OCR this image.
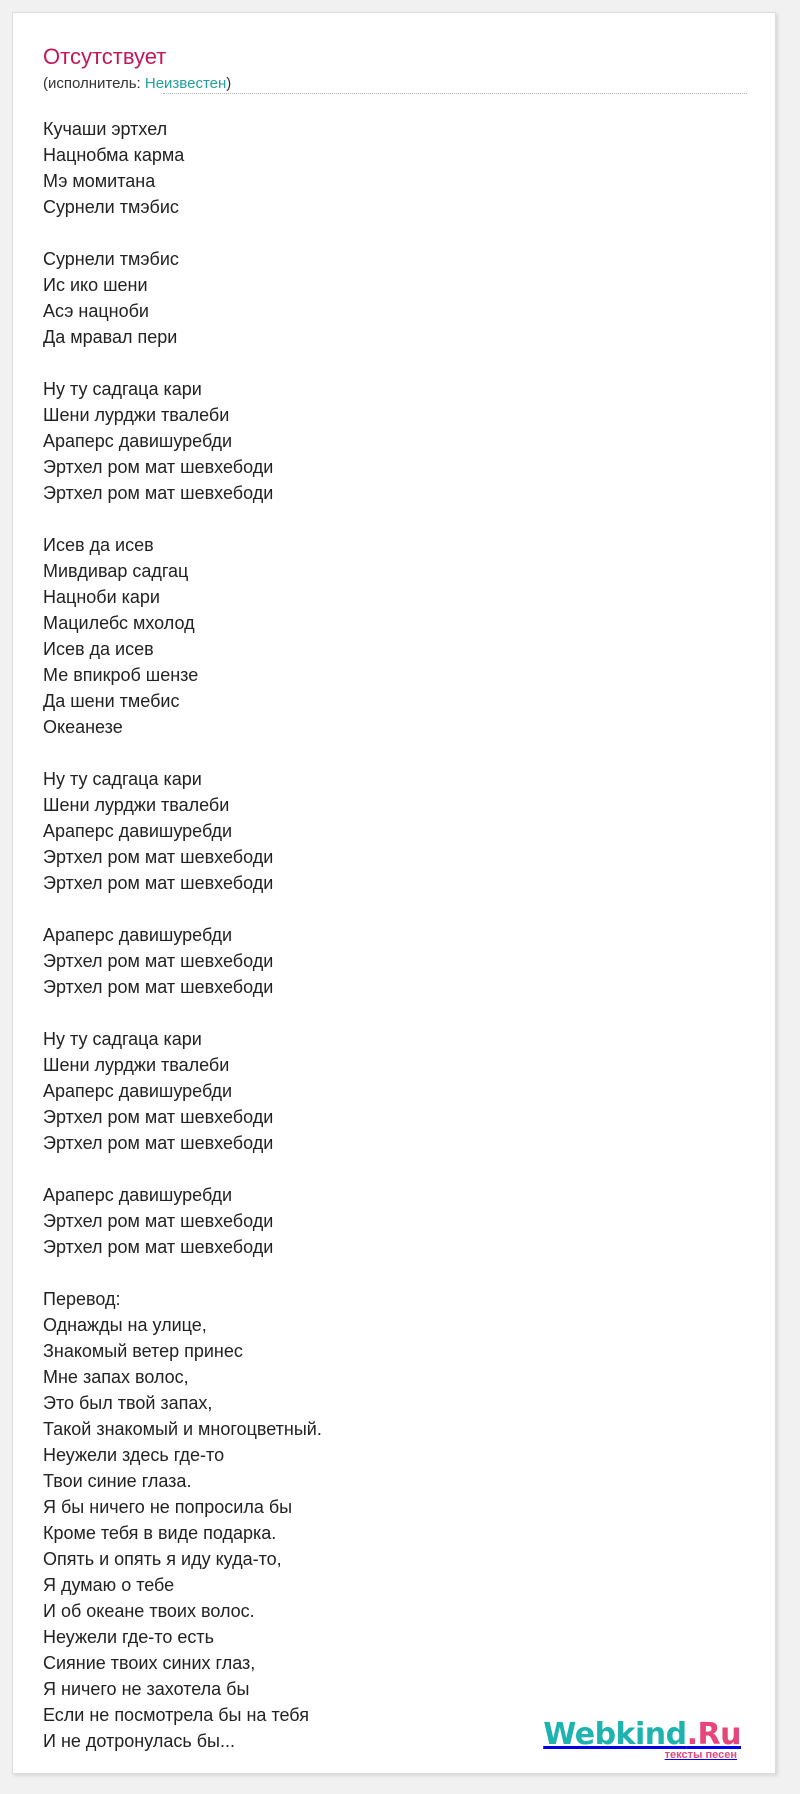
Отсутствует
(исполнитель: Неизвестен)
Кучаши эртхел
Нацнобма карма
Мэ момитана
Сурнели тмэбис
Сурнели тмэбис
Ис ико шени
Асэ нацноби
Да мравал пери
Ну ту садгаца кари
Шени лурджи твалеби
Араперс давишуребди
Эртхел ром мат шевхебоди
Эртхел ром мат шевхебоди
Исев да исев
Мивдивар садгац
Нацноби кари
Мацилебс мхолод
Исев да исев
Ме впикроб шензе
Да шени тмебис
Океанезе
Ну ту садгаца кари
Шени лурджи твалеби
Араперс давишуребди
Эртхел ром мат шевхебоди
Эртхел ром мат шевхебоди
Араперс давишуребди
Эртхел ром мат шевхебоди
Эртхел ром мат шевхебоди
Ну ту садгаца кари
Шени лурджи твалеби
Араперс давишуребди
Эртхел ром мат шевхебоди
Эртхел ром мат шевхебоди
Араперс давишуребди
Эртхел ром мат шевхебоди
Эртхел ром мат шевхебоди
Перевод:
Однажды на улице,
Знакомый ветер принес
Мне запах волос,
Это был твой запах,
Такой знакомый и многоцветный.
Неужели здесь где-то
Твои синие глаза.
Я бы ничего не попросила бы
Кроме тебя в виде подарка.
Опять и опять я иду куда-то,
Я думаю о тебе
И об океане твоих волос.
Неужели где-то есть
Сияние твоих синих глаз,
Я ничего не захотела бы
Если не посмотрела бы на тебя
И не дотронулась бы...	Webkind.Ru
тексты песен
